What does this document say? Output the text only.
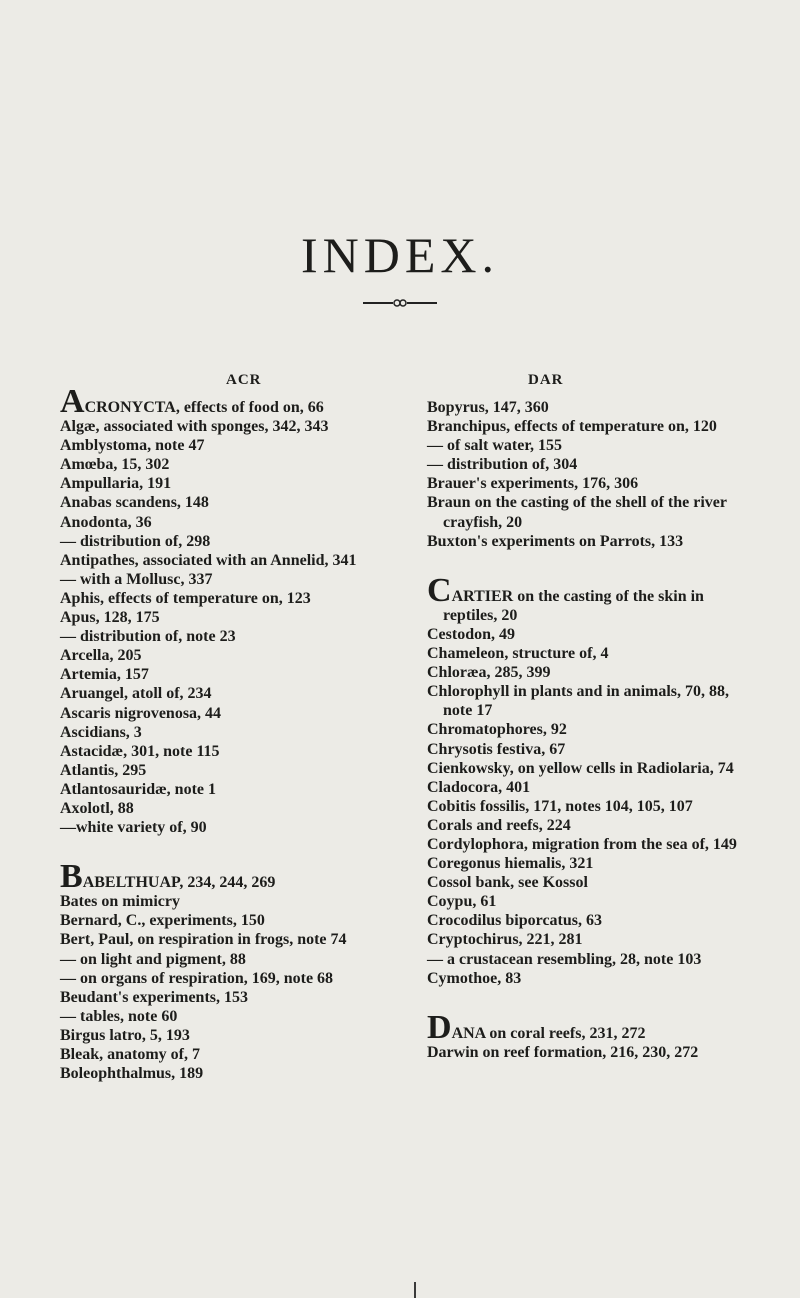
INDEX.
ACR	DAR
ACRONYCTA, effects of food on, 66
Algæ, associated with sponges, 342, 343
Amblystoma, note 47
Amœba, 15, 302
Ampullaria, 191
Anabas scandens, 148
Anodonta, 36
— distribution of, 298
Antipathes, associated with an Annelid, 341
— with a Mollusc, 337
Aphis, effects of temperature on, 123
Apus, 128, 175
— distribution of, note 23
Arcella, 205
Artemia, 157
Aruangel, atoll of, 234
Ascaris nigrovenosa, 44
Ascidians, 3
Astacidæ, 301, note 115
Atlantis, 295
Atlantosauridæ, note 1
Axolotl, 88
—white variety of, 90
BABELTHUAP, 234, 244, 269
Bates on mimicry
Bernard, C., experiments, 150
Bert, Paul, on respiration in frogs, note 74
— on light and pigment, 88
— on organs of respiration, 169, note 68
Beudant's experiments, 153
— tables, note 60
Birgus latro, 5, 193
Bleak, anatomy of, 7
Boleophthalmus, 189
Bopyrus, 147, 360
Branchipus, effects of temperature on, 120
— of salt water, 155
— distribution of, 304
Brauer's experiments, 176, 306
Braun on the casting of the shell of the river crayfish, 20
Buxton's experiments on Parrots, 133
CARTIER on the casting of the skin in reptiles, 20
Cestodon, 49
Chameleon, structure of, 4
Chloræa, 285, 399
Chlorophyll in plants and in animals, 70, 88, note 17
Chromatophores, 92
Chrysotis festiva, 67
Cienkowsky, on yellow cells in Radiolaria, 74
Cladocora, 401
Cobitis fossilis, 171, notes 104, 105, 107
Corals and reefs, 224
Cordylophora, migration from the sea of, 149
Coregonus hiemalis, 321
Cossol bank, see Kossol
Coypu, 61
Crocodilus biporcatus, 63
Cryptochirus, 221, 281
— a crustacean resembling, 28, note 103
Cymothoe, 83
DANA on coral reefs, 231, 272
Darwin on reef formation, 216, 230, 272
